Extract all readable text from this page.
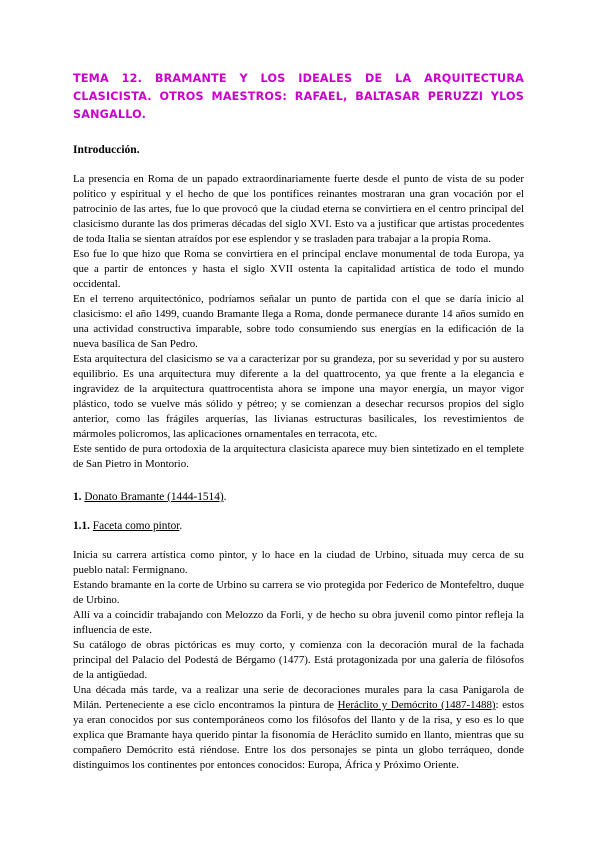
TEMA 12. BRAMANTE Y LOS IDEALES DE LA ARQUITECTURA CLASICISTA. OTROS MAESTROS: RAFAEL, BALTASAR PERUZZI YLOS SANGALLO.
Introducción.

La presencia en Roma de un papado extraordinariamente fuerte desde el punto de vista de su poder político y espiritual y el hecho de que los pontífices reinantes mostraran una gran vocación por el patrocinio de las artes, fue lo que provocó que la ciudad eterna se convirtiera en el centro principal del clasicismo durante las dos primeras décadas del siglo XVI. Esto va a justificar que artistas procedentes de toda Italia se sientan atraídos por ese esplendor y se trasladen para trabajar a la propia Roma.

Eso fue lo que hizo que Roma se convirtiera en el principal enclave monumental de toda Europa, ya que a partir de entonces y hasta el siglo XVII ostenta la capitalidad artística de todo el mundo occidental.

En el terreno arquitectónico, podríamos señalar un punto de partida con el que se daría inicio al clasicismo: el año 1499, cuando Bramante llega a Roma, donde permanece durante 14 años sumido en una actividad constructiva imparable, sobre todo consumiendo sus energías en la edificación de la nueva basílica de San Pedro.

Esta arquitectura del clasicismo se va a caracterizar por su grandeza, por su severidad y por su austero equilibrio. Es una arquitectura muy diferente a la del quattrocento, ya que frente a la elegancia e ingravidez de la arquitectura quattrocentista ahora se impone una mayor energía, un mayor vigor plástico, todo se vuelve más sólido y pétreo; y se comienzan a desechar recursos propios del siglo anterior, como las frágiles arquerías, las livianas estructuras basilicales, los revestimientos de mármoles policromos, las aplicaciones ornamentales en terracota, etc.

Este sentido de pura ortodoxia de la arquitectura clasicista aparece muy bien sintetizado en el templete de San Pietro in Montorio.

1. Donato Bramante (1444-1514).
1.1. Faceta como pintor.

Inicia su carrera artística como pintor, y lo hace en la ciudad de Urbino, situada muy cerca de su pueblo natal: Fermignano.

Estando bramante en la corte de Urbino su carrera se vio protegida por Federico de Montefeltro, duque de Urbino.

Allí va a coincidir trabajando con Melozzo da Forli, y de hecho su obra juvenil como pintor refleja la influencia de este.

Su catálogo de obras pictóricas es muy corto, y comienza con la decoración mural de la fachada principal del Palacio del Podestá de Bérgamo (1477). Está protagonizada por una galería de filósofos de la antigüedad.

Una década más tarde, va a realizar una serie de decoraciones murales para la casa Panigarola de Milán. Perteneciente a ese ciclo encontramos la pintura de Heráclito y Demócrito (1487-1488): estos ya eran conocidos por sus contemporáneos como los filósofos del llanto y de la risa, y eso es lo que explica que Bramante haya querido pintar la fisonomía de Heráclito sumido en llanto, mientras que su compañero Demócrito está riéndose. Entre los dos personajes se pinta un globo terráqueo, donde distinguimos los continentes por entonces conocidos: Europa, África y Próximo Oriente.
